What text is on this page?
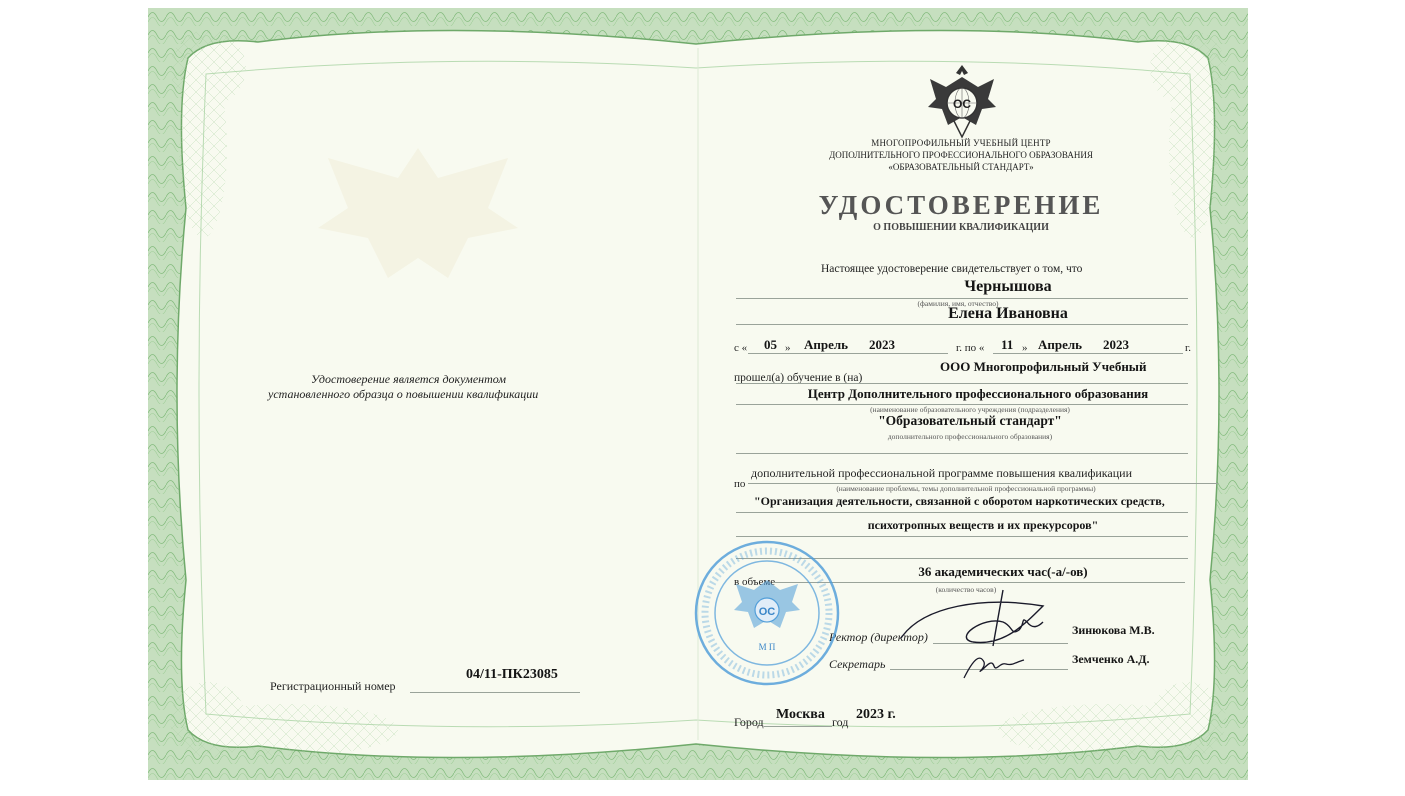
Удостоверение является документом
установленного образца о повышении квалификации
Регистрационный номер
04/11-ПК23085
ОС
МНОГОПРОФИЛЬНЫЙ УЧЕБНЫЙ ЦЕНТР
ДОПОЛНИТЕЛЬНОГО ПРОФЕССИОНАЛЬНОГО ОБРАЗОВАНИЯ
«ОБРАЗОВАТЕЛЬНЫЙ СТАНДАРТ»
УДОСТОВЕРЕНИЕ
О ПОВЫШЕНИИ КВАЛИФИКАЦИИ
Настоящее удостоверение свидетельствует о том, что
Чернышова
(фамилия, имя, отчество)
Елена Ивановна
с « 05 » Апрель 2023	г. по « 11 » Апрель 2023	г.
ООО Многопрофильный Учебный
прошел(а) обучение в (на)
Центр Дополнительного профессионального образования
(наименование образовательного учреждения (подразделения)
"Образовательный стандарт"
дополнительного профессионального образования)
по
дополнительной профессиональной программе повышения квалификации
(наименование проблемы, темы дополнительной профессиональной программы)
"Организация деятельности, связанной с оборотом наркотических средств,
психотропных веществ и их прекурсоров"
в объеме
36 академических час(-а/-ов)
(количество часов)
Ректор (директор)	Зинюкова М.В.
Секретарь	Земченко А.Д.
ОС
М П
Город Москва год 2023 г.
